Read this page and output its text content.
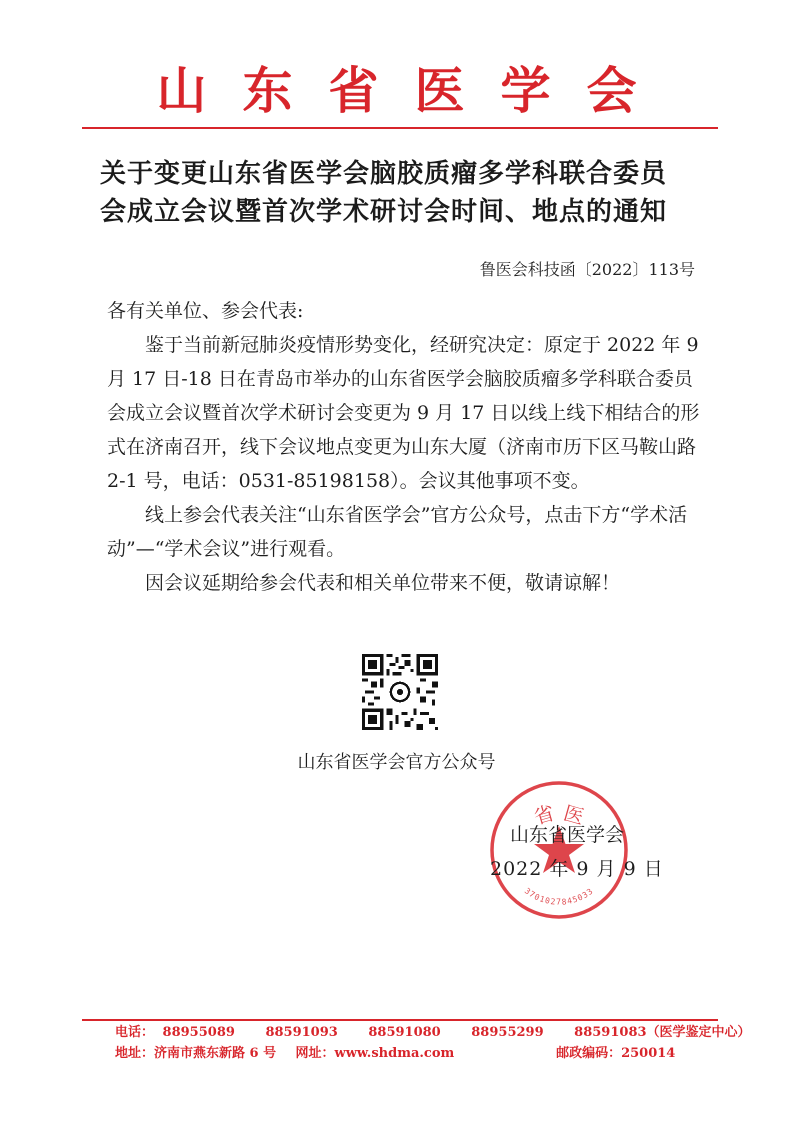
山东省医学会
关于变更山东省医学会脑胶质瘤多学科联合委员
会成立会议暨首次学术研讨会时间、地点的通知
鲁医会科技函〔2022〕113号

各有关单位、参会代表:

鉴于当前新冠肺炎疫情形势变化，经研究决定：原定于 2022 年 9 月 17 日-18 日在青岛市举办的山东省医学会脑胶质瘤多学科联合委员会成立会议暨首次学术研讨会变更为 9 月 17 日以线上线下相结合的形式在济南召开，线下会议地点变更为山东大厦（济南市历下区马鞍山路 2-1 号，电话：0531-85198158）。会议其他事项不变。

线上参会代表关注“山东省医学会”官方公众号，点击下方“学术活动”—“学术会议”进行观看。

因会议延期给参会代表和相关单位带来不便，敬请谅解！

山东省医学会官方公众号
省 医
3701027845033
山东省医学会
2022 年 9 月 9 日
电话： 88955089 88591093 88591080 88955299 88591083（医学鉴定中心）
地址：济南市燕东新路 6 号 网址：www.shdma.com	邮政编码：250014
